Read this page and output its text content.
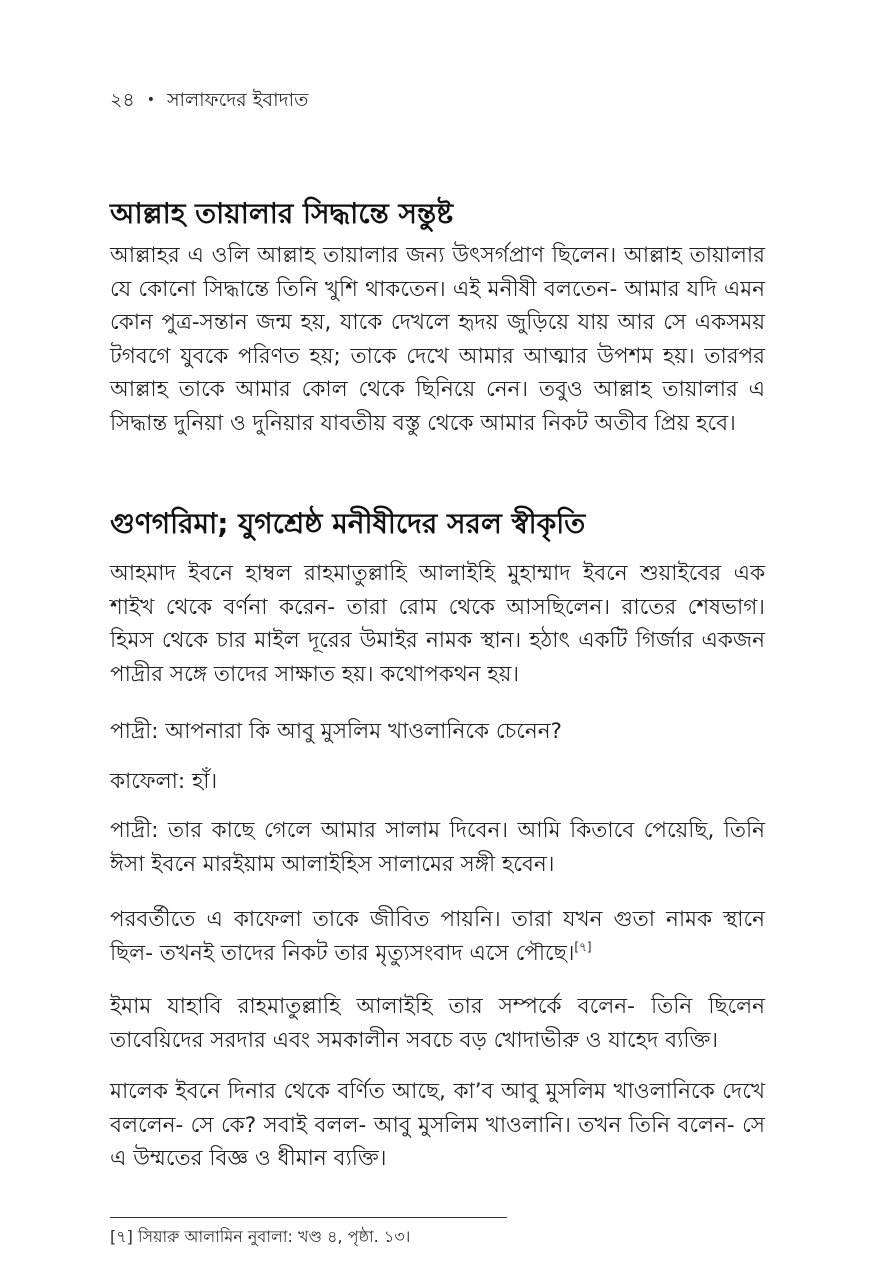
২৪ • সালাফদের ইবাদাত
আল্লাহ তায়ালার সিদ্ধান্তে সন্তুষ্ট

আল্লাহর এ ওলি আল্লাহ তায়ালার জন্য উৎসর্গপ্রাণ ছিলেন। আল্লাহ তায়ালার যে কোনো সিদ্ধান্তে তিনি খুশি থাকতেন। এই মনীষী বলতেন- আমার যদি এমন কোন পুত্র-সন্তান জন্ম হয়, যাকে দেখলে হৃদয় জুড়িয়ে যায় আর সে একসময় টগবগে যুবকে পরিণত হয়; তাকে দেখে আমার আত্মার উপশম হয়। তারপর আল্লাহ তাকে আমার কোল থেকে ছিনিয়ে নেন। তবুও আল্লাহ তায়ালার এ সিদ্ধান্ত দুনিয়া ও দুনিয়ার যাবতীয় বস্তু থেকে আমার নিকট অতীব প্রিয় হবে।

গুণগরিমা; যুগশ্রেষ্ঠ মনীষীদের সরল স্বীকৃতি

আহমাদ ইবনে হাম্বল রাহমাতুল্লাহি আলাইহি মুহাম্মাদ ইবনে শুয়াইবের এক শাইখ থেকে বর্ণনা করেন- তারা রোম থেকে আসছিলেন। রাতের শেষভাগ। হিমস থেকে চার মাইল দূরের উমাইর নামক স্থান। হঠাৎ একটি গির্জার একজন পাদ্রীর সঙ্গে তাদের সাক্ষাত হয়। কথোপকথন হয়।

পাদ্রী: আপনারা কি আবু মুসলিম খাওলানিকে চেনেন?

কাফেলা: হাঁ।

পাদ্রী: তার কাছে গেলে আমার সালাম দিবেন। আমি কিতাবে পেয়েছি, তিনি ঈসা ইবনে মারইয়াম আলাইহিস সালামের সঙ্গী হবেন।

পরবর্তীতে এ কাফেলা তাকে জীবিত পায়নি। তারা যখন গুতা নামক স্থানে ছিল- তখনই তাদের নিকট তার মৃত্যুসংবাদ এসে পৌছে।[৭]

ইমাম যাহাবি রাহমাতুল্লাহি আলাইহি তার সম্পর্কে বলেন- তিনি ছিলেন তাবেয়িদের সরদার এবং সমকালীন সবচে বড় খোদাভীরু ও যাহেদ ব্যক্তি।

মালেক ইবনে দিনার থেকে বর্ণিত আছে, কা’ব আবু মুসলিম খাওলানিকে দেখে বললেন- সে কে? সবাই বলল- আবু মুসলিম খাওলানি। তখন তিনি বলেন- সে এ উম্মতের বিজ্ঞ ও ধীমান ব্যক্তি।

[৭] সিয়ারু আলামিন নুবালা: খণ্ড ৪, পৃষ্ঠা. ১৩।
